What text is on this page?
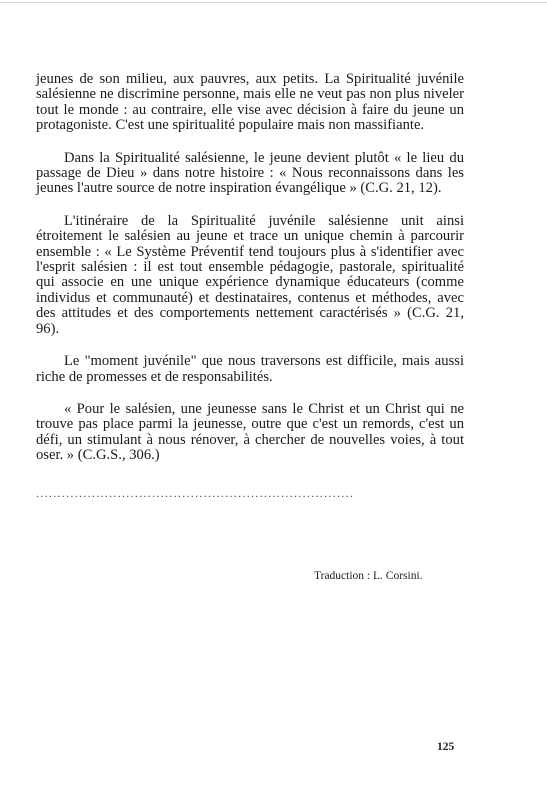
jeunes de son milieu, aux pauvres, aux petits. La Spiritualité juvénile salésienne ne discrimine personne, mais elle ne veut pas non plus niveler tout le monde : au contraire, elle vise avec décision à faire du jeune un protagoniste. C'est une spiritualité populaire mais non massifiante.

Dans la Spiritualité salésienne, le jeune devient plutôt « le lieu du passage de Dieu » dans notre histoire : « Nous reconnaissons dans les jeunes l'autre source de notre inspiration évangélique » (C.G. 21, 12).

L'itinéraire de la Spiritualité juvénile salésienne unit ainsi étroitement le salésien au jeune et trace un unique chemin à parcourir ensemble : « Le Système Préventif tend toujours plus à s'identifier avec l'esprit salésien : il est tout ensemble pédagogie, pastorale, spiritualité qui associe en une unique expérience dynamique éducateurs (comme individus et communauté) et destinataires, contenus et méthodes, avec des attitudes et des comportements nettement caractérisés » (C.G. 21, 96).

Le "moment juvénile" que nous traversons est difficile, mais aussi riche de promesses et de responsabilités.

« Pour le salésien, une jeunesse sans le Christ et un Christ qui ne trouve pas place parmi la jeunesse, outre que c'est un remords, c'est un défi, un stimulant à nous rénover, à chercher de nouvelles voies, à tout oser. » (C.G.S., 306.)

..........................................................................
Traduction : L. Corsini.
125
